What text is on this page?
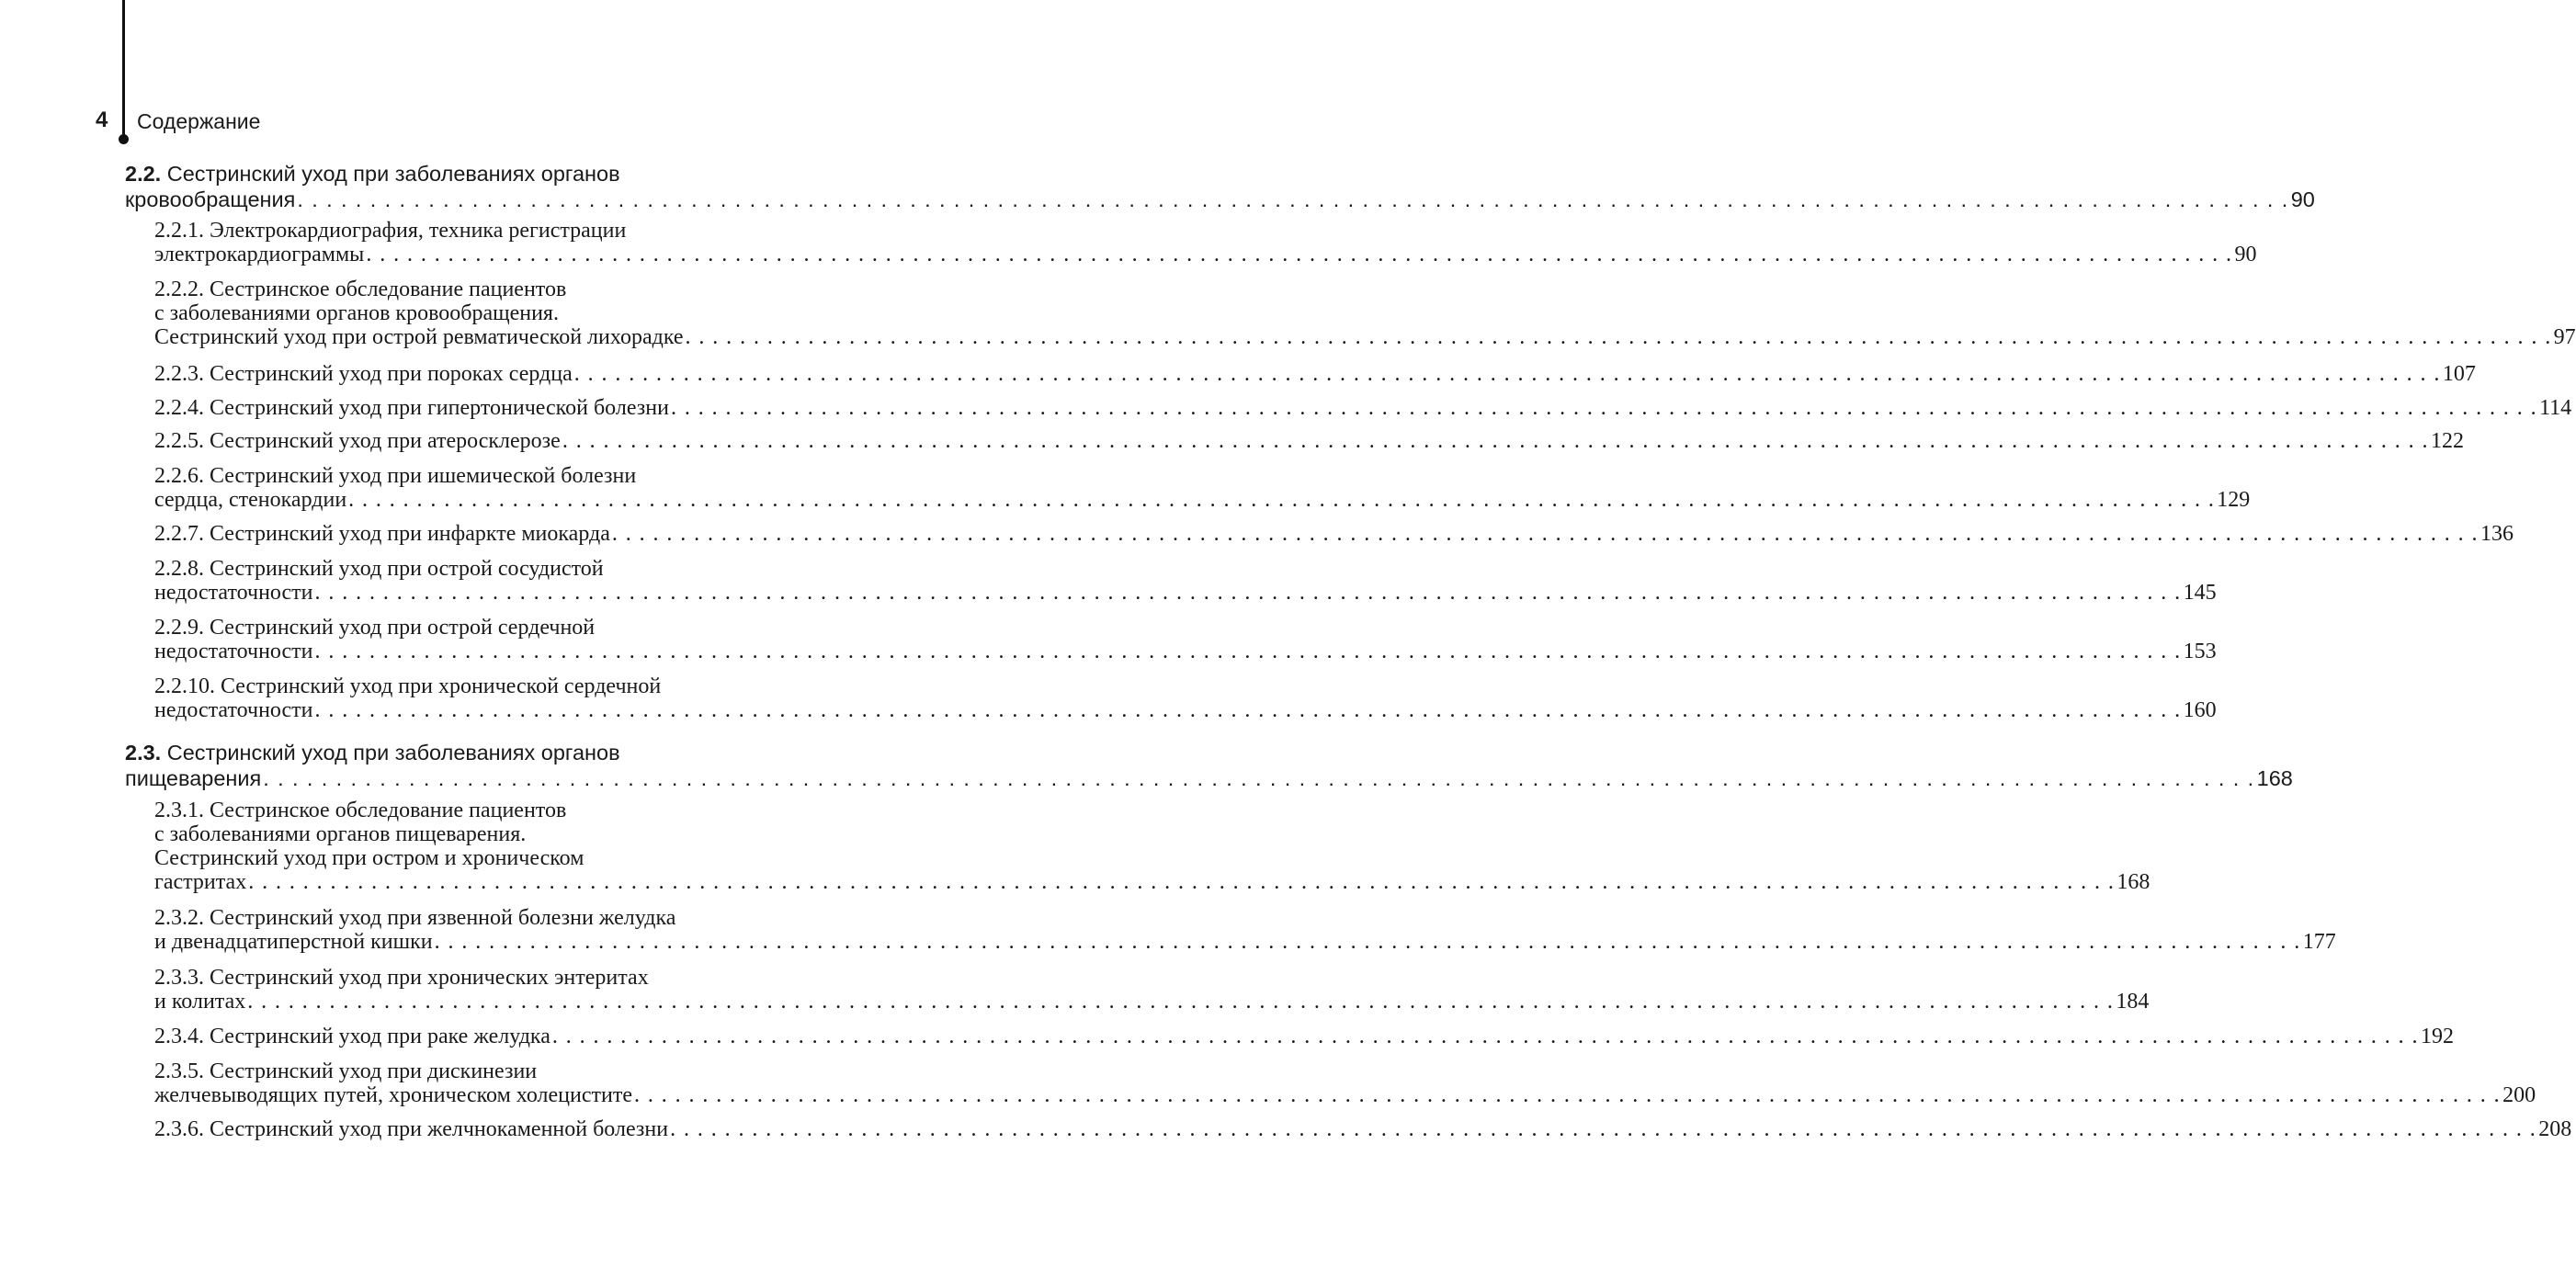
4 Содержание
2.2. Сестринский уход при заболеваниях органов
кровообращения . . . . . . . . . . . . . . . . . . . . . . . . . . . . . . . . . . . . . . . . . . . . . . . . . . . . . . . . . . . . . . . . . . . . . . . . . . . . . . . . . . . . . . . . . . . . . . . . . . . . . . . . . . . . . . . . . . . . . . . . . . . . . . . . . . . . . . . . . 90
2.2.1. Электрокардиография, техника регистрации
электрокардиограммы . . . . . . . . . . . . . . . . . . . . . . . . . . . . . . . . . . . . . . . . . . . . . . . . . . . . . . . . . . . . . . . . . . . . . . . . . . . . . . . . . . . . . . . . . . . . . . . . . . . . . . . . . . . . . . . . . . . . . . . . . . . . . . . . . . . . . . . . . 90
2.2.2. Сестринское обследование пациентов
с заболеваниями органов кровообращения.
Сестринский уход при острой ревматической лихорадке . . . . . . . . . . . . . . . . . . . . . . . . . . . . . . . . . . . . . . . . . . . . . . . . . . . . . . . . . . . . . . . . . . . . . . . . . . . . . . . . . . . . . . . . . . . . . . . . . . . . . . . . . . . . . . . . . . . . . . . . . . . . . . . . . . . . . . . . . 97
2.2.3. Сестринский уход при пороках сердца . . . . . . . . . . . . . . . . . . . . . . . . . . . . . . . . . . . . . . . . . . . . . . . . . . . . . . . . . . . . . . . . . . . . . . . . . . . . . . . . . . . . . . . . . . . . . . . . . . . . . . . . . . . . . . . . . . . . . . . . . . . . . . . . . . . . . . . . . 107
2.2.4. Сестринский уход при гипертонической болезни . . . . . . . . . . . . . . . . . . . . . . . . . . . . . . . . . . . . . . . . . . . . . . . . . . . . . . . . . . . . . . . . . . . . . . . . . . . . . . . . . . . . . . . . . . . . . . . . . . . . . . . . . . . . . . . . . . . . . . . . . . . . . . . . . . . . . . . . . 114
2.2.5. Сестринский уход при атеросклерозе . . . . . . . . . . . . . . . . . . . . . . . . . . . . . . . . . . . . . . . . . . . . . . . . . . . . . . . . . . . . . . . . . . . . . . . . . . . . . . . . . . . . . . . . . . . . . . . . . . . . . . . . . . . . . . . . . . . . . . . . . . . . . . . . . . . . . . . . . 122
2.2.6. Сестринский уход при ишемической болезни
сердца, стенокардии . . . . . . . . . . . . . . . . . . . . . . . . . . . . . . . . . . . . . . . . . . . . . . . . . . . . . . . . . . . . . . . . . . . . . . . . . . . . . . . . . . . . . . . . . . . . . . . . . . . . . . . . . . . . . . . . . . . . . . . . . . . . . . . . . . . . . . . . . 129
2.2.7. Сестринский уход при инфаркте миокарда . . . . . . . . . . . . . . . . . . . . . . . . . . . . . . . . . . . . . . . . . . . . . . . . . . . . . . . . . . . . . . . . . . . . . . . . . . . . . . . . . . . . . . . . . . . . . . . . . . . . . . . . . . . . . . . . . . . . . . . . . . . . . . . . . . . . . . . . . 136
2.2.8. Сестринский уход при острой сосудистой
недостаточности . . . . . . . . . . . . . . . . . . . . . . . . . . . . . . . . . . . . . . . . . . . . . . . . . . . . . . . . . . . . . . . . . . . . . . . . . . . . . . . . . . . . . . . . . . . . . . . . . . . . . . . . . . . . . . . . . . . . . . . . . . . . . . . . . . . . . . . . . 145
2.2.9. Сестринский уход при острой сердечной
недостаточности . . . . . . . . . . . . . . . . . . . . . . . . . . . . . . . . . . . . . . . . . . . . . . . . . . . . . . . . . . . . . . . . . . . . . . . . . . . . . . . . . . . . . . . . . . . . . . . . . . . . . . . . . . . . . . . . . . . . . . . . . . . . . . . . . . . . . . . . . 153
2.2.10. Сестринский уход при хронической сердечной
недостаточности . . . . . . . . . . . . . . . . . . . . . . . . . . . . . . . . . . . . . . . . . . . . . . . . . . . . . . . . . . . . . . . . . . . . . . . . . . . . . . . . . . . . . . . . . . . . . . . . . . . . . . . . . . . . . . . . . . . . . . . . . . . . . . . . . . . . . . . . . 160
2.3. Сестринский уход при заболеваниях органов
пищеварения . . . . . . . . . . . . . . . . . . . . . . . . . . . . . . . . . . . . . . . . . . . . . . . . . . . . . . . . . . . . . . . . . . . . . . . . . . . . . . . . . . . . . . . . . . . . . . . . . . . . . . . . . . . . . . . . . . . . . . . . . . . . . . . . . . . . . . . . . 168
2.3.1. Сестринское обследование пациентов
с заболеваниями органов пищеварения.
Сестринский уход при остром и хроническом
гастритах . . . . . . . . . . . . . . . . . . . . . . . . . . . . . . . . . . . . . . . . . . . . . . . . . . . . . . . . . . . . . . . . . . . . . . . . . . . . . . . . . . . . . . . . . . . . . . . . . . . . . . . . . . . . . . . . . . . . . . . . . . . . . . . . . . . . . . . . . 168
2.3.2. Сестринский уход при язвенной болезни желудка
и двенадцатиперстной кишки . . . . . . . . . . . . . . . . . . . . . . . . . . . . . . . . . . . . . . . . . . . . . . . . . . . . . . . . . . . . . . . . . . . . . . . . . . . . . . . . . . . . . . . . . . . . . . . . . . . . . . . . . . . . . . . . . . . . . . . . . . . . . . . . . . . . . . . . . 177
2.3.3. Сестринский уход при хронических энтеритах
и колитах . . . . . . . . . . . . . . . . . . . . . . . . . . . . . . . . . . . . . . . . . . . . . . . . . . . . . . . . . . . . . . . . . . . . . . . . . . . . . . . . . . . . . . . . . . . . . . . . . . . . . . . . . . . . . . . . . . . . . . . . . . . . . . . . . . . . . . . . . 184
2.3.4. Сестринский уход при раке желудка . . . . . . . . . . . . . . . . . . . . . . . . . . . . . . . . . . . . . . . . . . . . . . . . . . . . . . . . . . . . . . . . . . . . . . . . . . . . . . . . . . . . . . . . . . . . . . . . . . . . . . . . . . . . . . . . . . . . . . . . . . . . . . . . . . . . . . . . . 192
2.3.5. Сестринский уход при дискинезии
желчевыводящих путей, хроническом холецистите . . . . . . . . . . . . . . . . . . . . . . . . . . . . . . . . . . . . . . . . . . . . . . . . . . . . . . . . . . . . . . . . . . . . . . . . . . . . . . . . . . . . . . . . . . . . . . . . . . . . . . . . . . . . . . . . . . . . . . . . . . . . . . . . . . . . . . . . . 200
2.3.6. Сестринский уход при желчнокаменной болезни . . . . . . . . . . . . . . . . . . . . . . . . . . . . . . . . . . . . . . . . . . . . . . . . . . . . . . . . . . . . . . . . . . . . . . . . . . . . . . . . . . . . . . . . . . . . . . . . . . . . . . . . . . . . . . . . . . . . . . . . . . . . . . . . . . . . . . . . . 208
